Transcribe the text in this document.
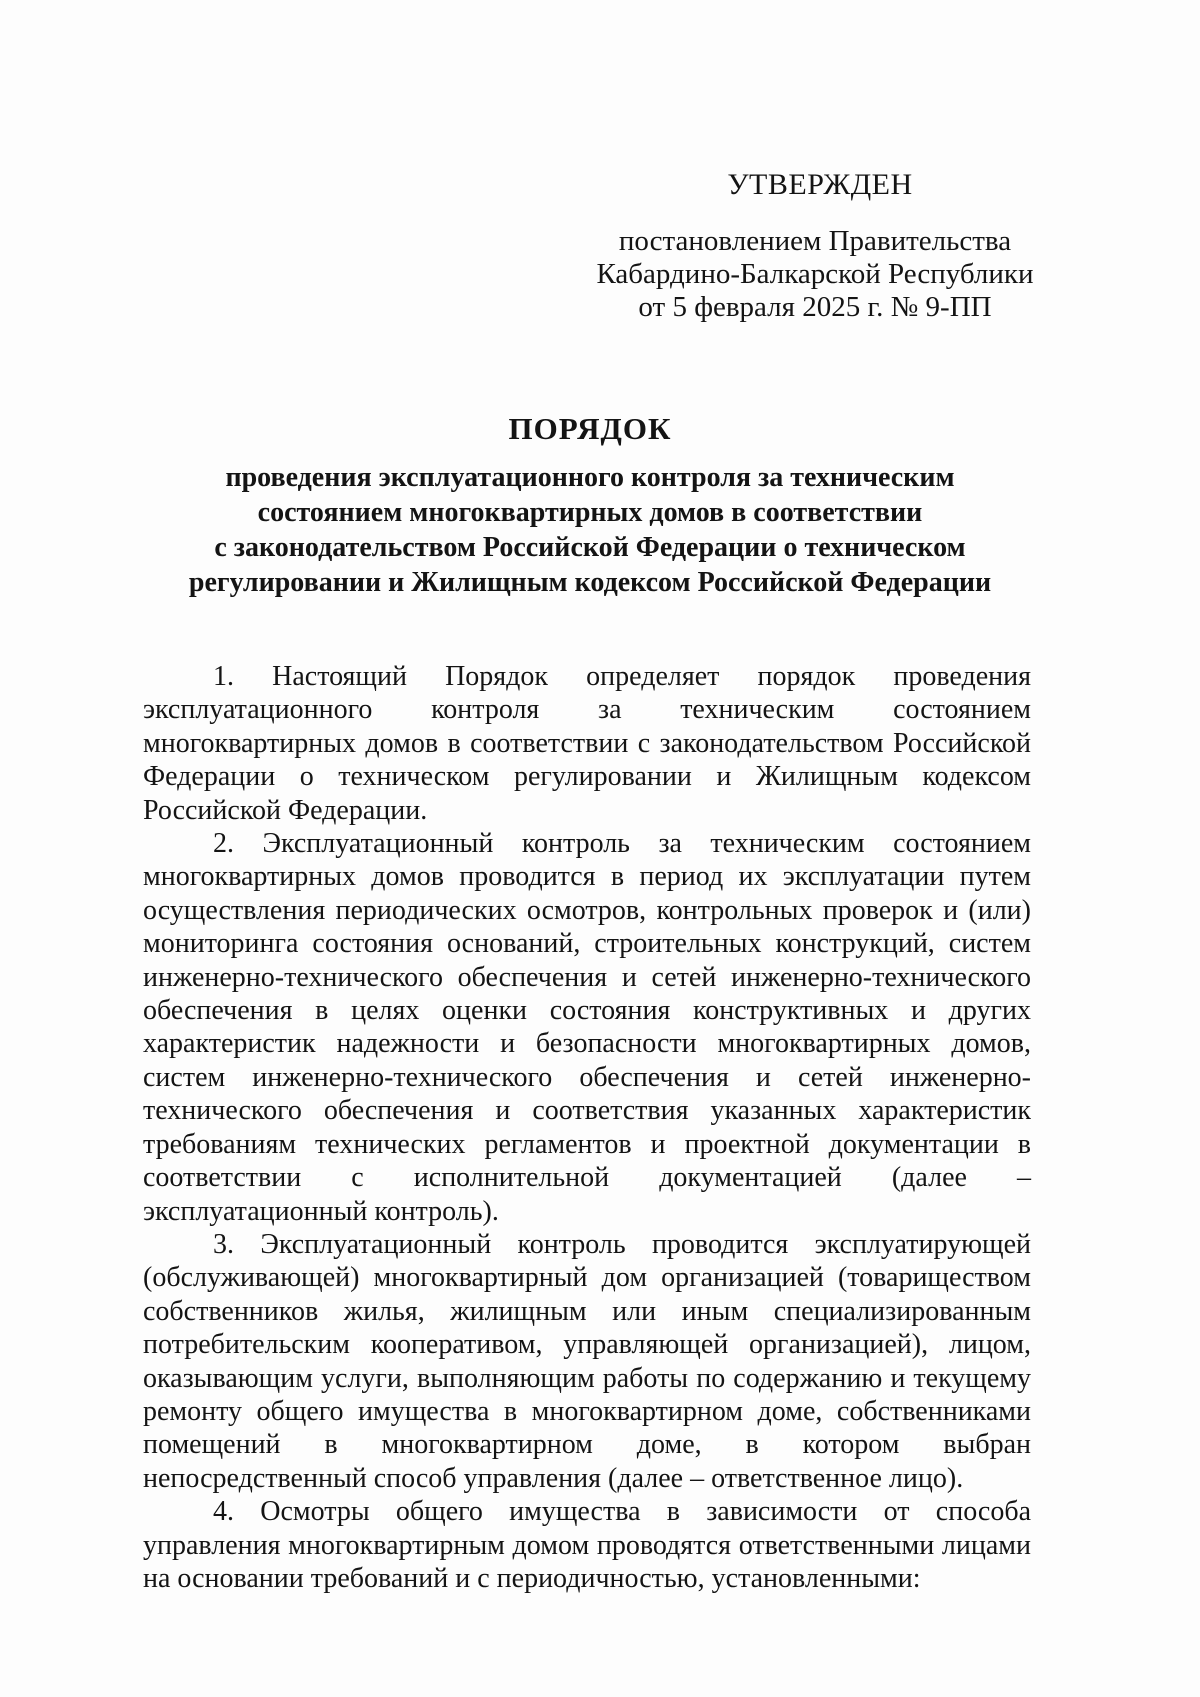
УТВЕРЖДЕН
постановлением Правительства
Кабардино-Балкарской Республики
от 5 февраля 2025 г. № 9-ПП
ПОРЯДОК
проведения эксплуатационного контроля за техническим
состоянием многоквартирных домов в соответствии
с законодательством Российской Федерации о техническом
регулировании и Жилищным кодексом Российской Федерации

1. Настоящий Порядок определяет порядок проведения эксплуатационного контроля за техническим состоянием многоквартирных домов в соответствии с законодательством Российской Федерации о техническом регулировании и Жилищным кодексом Российской Федерации.

2. Эксплуатационный контроль за техническим состоянием многоквартирных домов проводится в период их эксплуатации путем осуществления периодических осмотров, контрольных проверок и (или) мониторинга состояния оснований, строительных конструкций, систем инженерно-технического обеспечения и сетей инженерно-технического обеспечения в целях оценки состояния конструктивных и других характеристик надежности и безопасности многоквартирных домов, систем инженерно-технического обеспечения и сетей инженерно-технического обеспечения и соответствия указанных характеристик требованиям технических регламентов и проектной документации в соответствии с исполнительной документацией (далее – эксплуатационный контроль).

3. Эксплуатационный контроль проводится эксплуатирующей (обслуживающей) многоквартирный дом организацией (товариществом собственников жилья, жилищным или иным специализированным потребительским кооперативом, управляющей организацией), лицом, оказывающим услуги, выполняющим работы по содержанию и текущему ремонту общего имущества в многоквартирном доме, собственниками помещений в многоквартирном доме, в котором выбран непосредственный способ управления (далее – ответственное лицо).

4. Осмотры общего имущества в зависимости от способа управления многоквартирным домом проводятся ответственными лицами на основании требований и с периодичностью, установленными:
